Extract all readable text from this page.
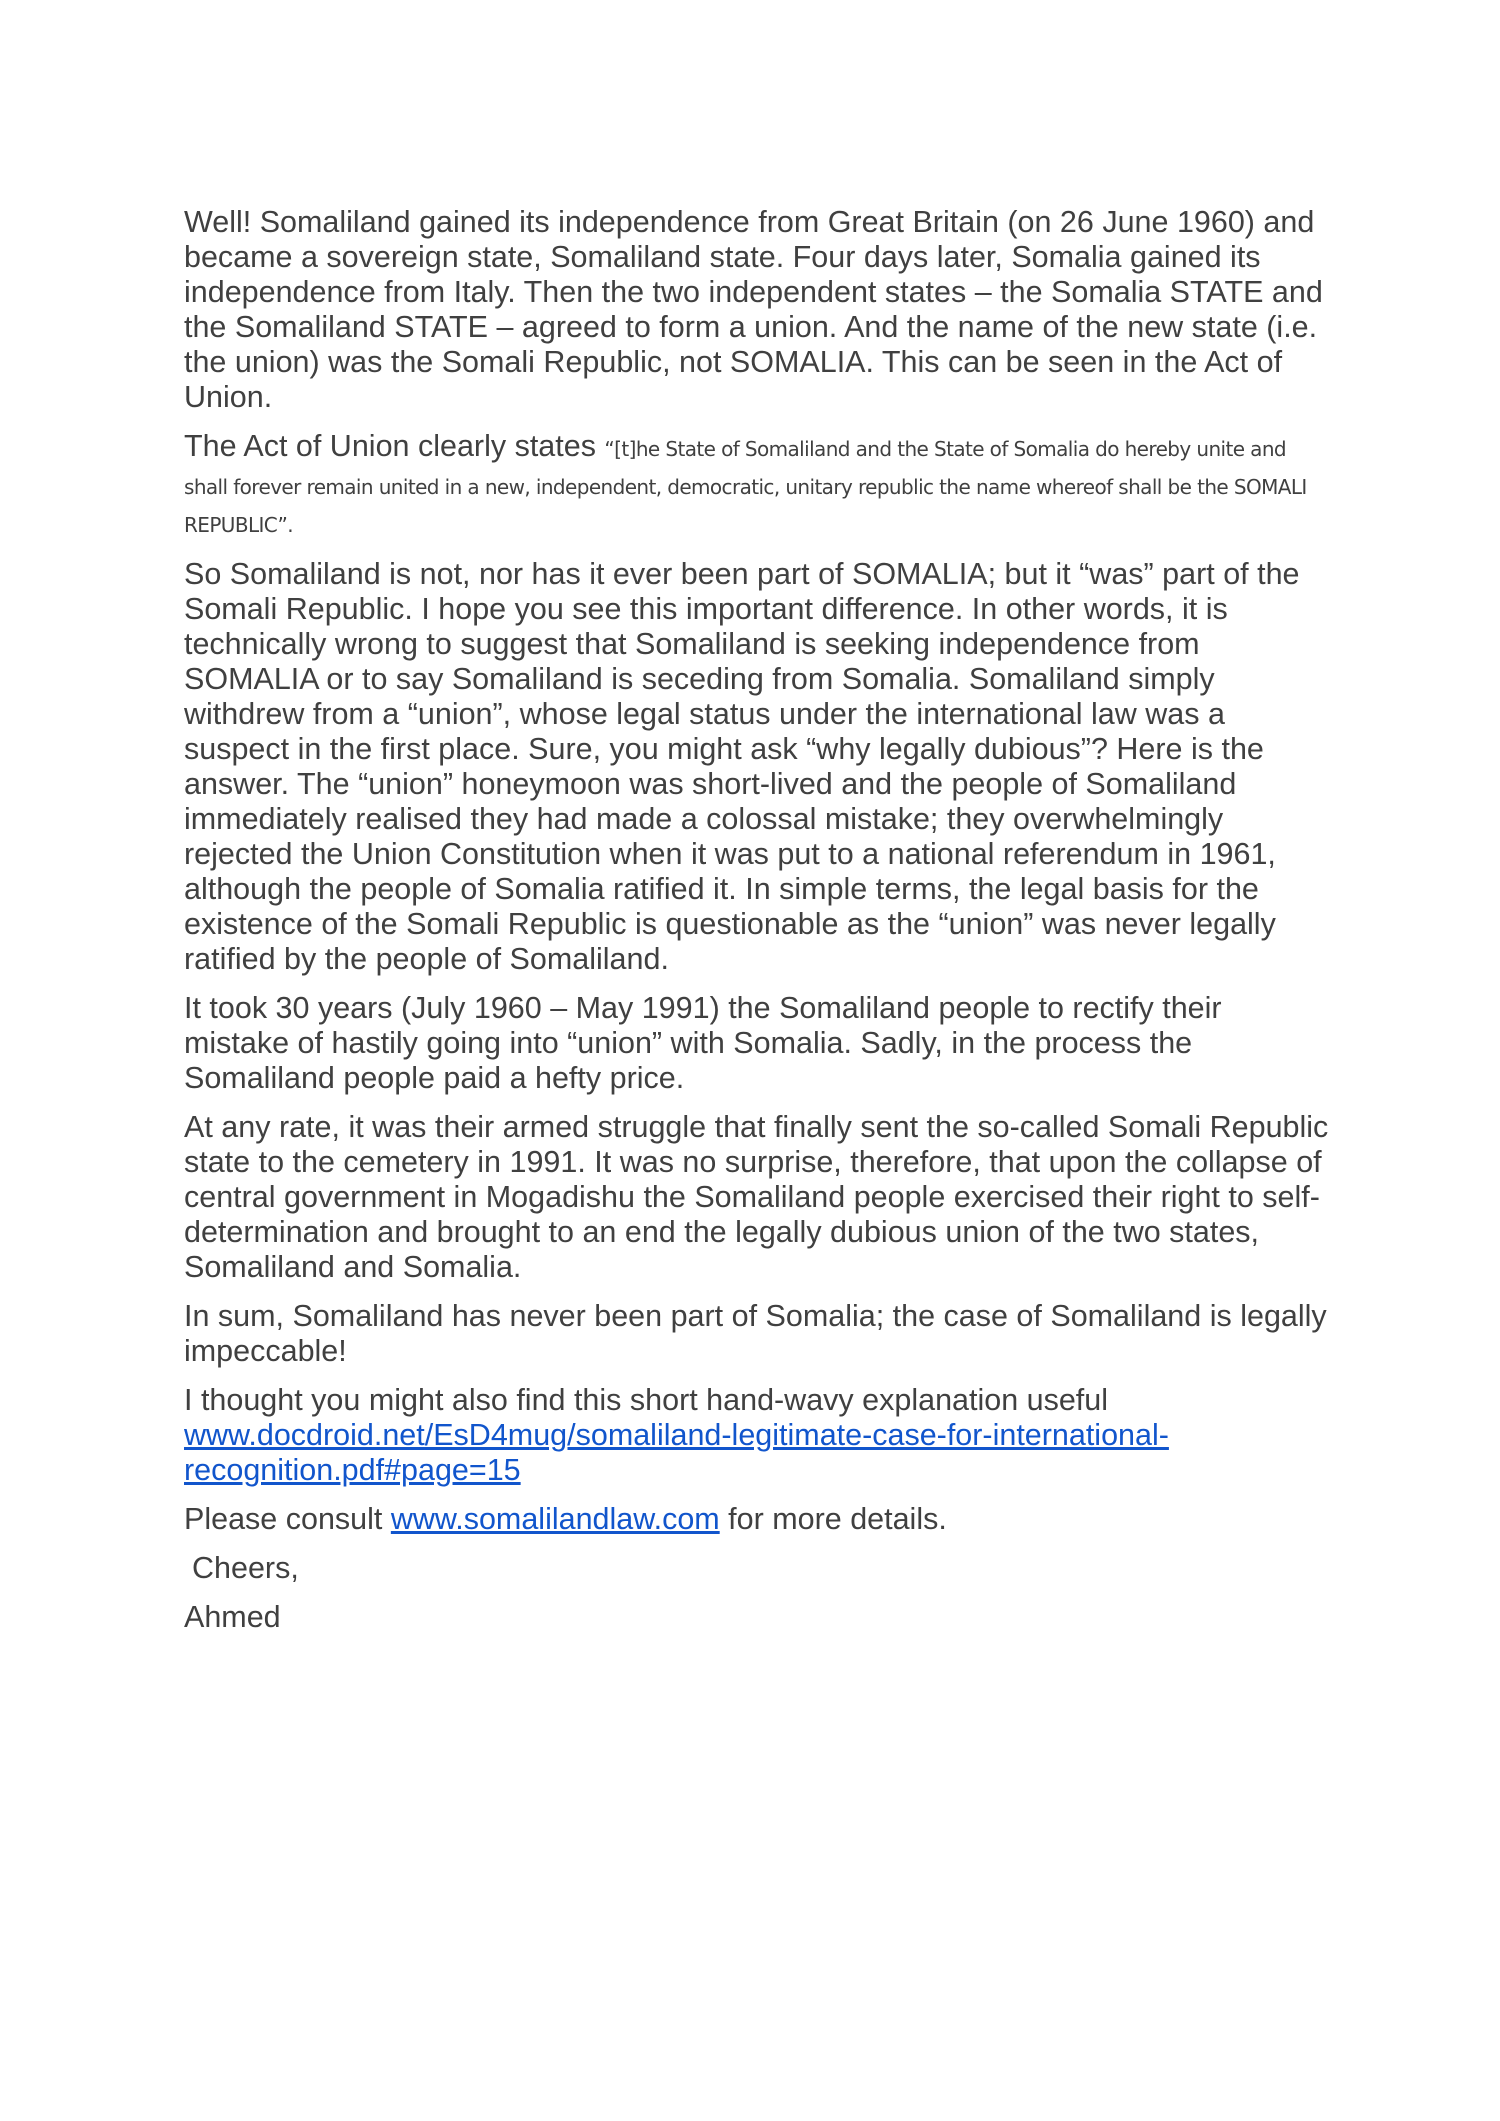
Well! Somaliland gained its independence from Great Britain (on 26 June 1960) and became a sovereign state, Somaliland state. Four days later, Somalia gained its independence from Italy. Then the two independent states – the Somalia STATE and the Somaliland STATE – agreed to form a union. And the name of the new state (i.e. the union) was the Somali Republic, not SOMALIA. This can be seen in the Act of Union.

The Act of Union clearly states “[t]he State of Somaliland and the State of Somalia do hereby unite and shall forever remain united in a new, independent, democratic, unitary republic the name whereof shall be the SOMALI REPUBLIC”.

So Somaliland is not, nor has it ever been part of SOMALIA; but it “was” part of the Somali Republic. I hope you see this important difference. In other words, it is technically wrong to suggest that Somaliland is seeking independence from SOMALIA or to say Somaliland is seceding from Somalia. Somaliland simply withdrew from a “union”, whose legal status under the international law was a suspect in the first place. Sure, you might ask “why legally dubious”? Here is the answer. The “union” honeymoon was short-lived and the people of Somaliland immediately realised they had made a colossal mistake; they overwhelmingly rejected the Union Constitution when it was put to a national referendum in 1961, although the people of Somalia ratified it. In simple terms, the legal basis for the existence of the Somali Republic is questionable as the “union” was never legally ratified by the people of Somaliland.

It took 30 years (July 1960 – May 1991) the Somaliland people to rectify their mistake of hastily going into “union” with Somalia. Sadly, in the process the Somaliland people paid a hefty price.

At any rate, it was their armed struggle that finally sent the so-called Somali Republic state to the cemetery in 1991. It was no surprise, therefore, that upon the collapse of central government in Mogadishu the Somaliland people exercised their right to self-determination and brought to an end the legally dubious union of the two states, Somaliland and Somalia.

In sum, Somaliland has never been part of Somalia; the case of Somaliland is legally impeccable!

I thought you might also find this short hand-wavy explanation useful
www.docdroid.net/EsD4mug/somaliland-legitimate-case-for-international-recognition.pdf#page=15

Please consult www.somalilandlaw.com for more details.

Cheers,

Ahmed
